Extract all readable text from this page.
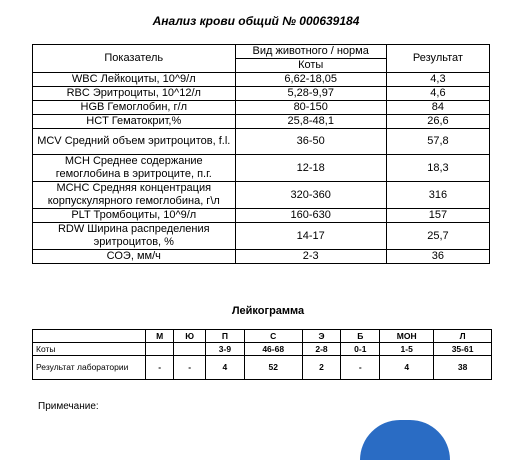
Анализ крови общий № 000639184
Показатель	Вид животного / норма	Результат
	Коты	
WBC Лейкоциты, 10^9/л	6,62-18,05	4,3
RBC Эритроциты, 10^12/л	5,28-9,97	4,6
HGB Гемоглобин, г/л	80-150	84
HCT Гематокрит,%	25,8-48,1	26,6
MCV Средний объем эритроцитов, f.l.	36-50	57,8
MCH Среднее содержание гемоглобина в эритроците, п.г.	12-18	18,3
MCHC Средняя концентрация корпускулярного гемоглобина, г\л	320-360	316
PLT Тромбоциты, 10^9/л	160-630	157
RDW Ширина распределения эритроцитов, %	14-17	25,7
СОЭ, мм/ч	2-3	36
Лейкограмма
	М	Ю	П	С	Э	Б	МОН	Л
Коты			3-9	46-68	2-8	0-1	1-5	35-61
Результат лаборатории	-	-	4	52	2	-	4	38
Примечание:
